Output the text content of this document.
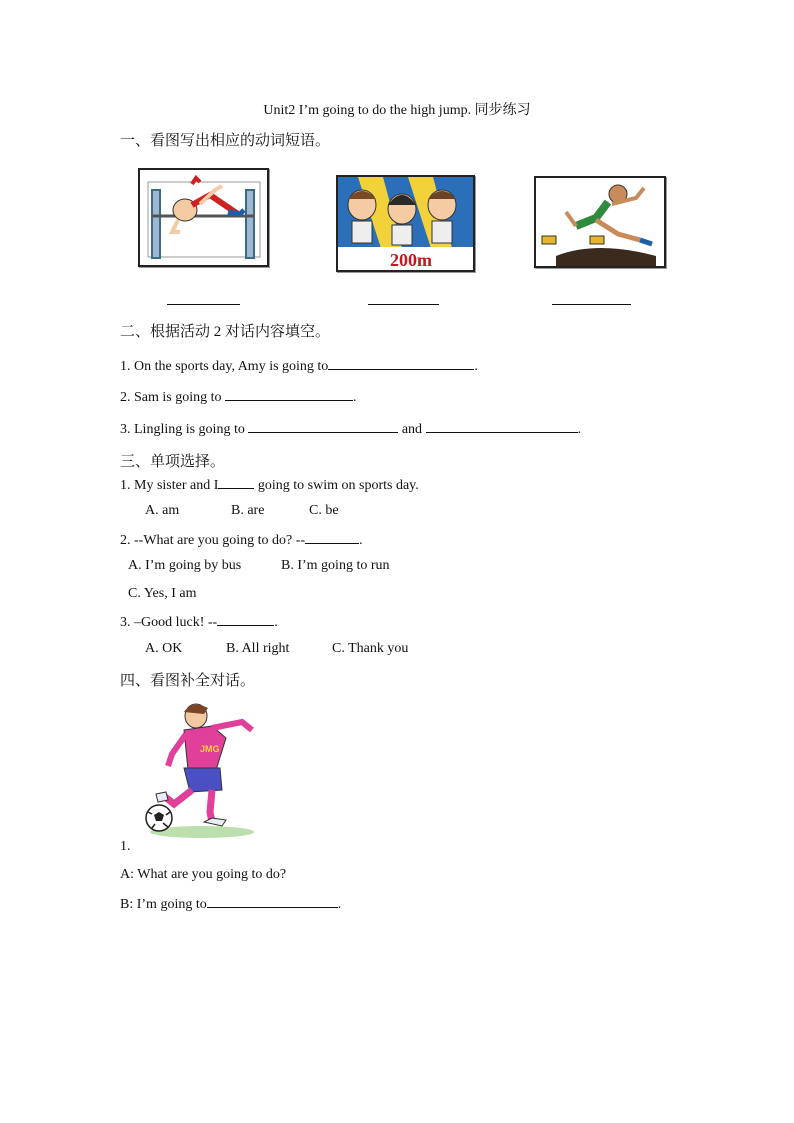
Unit2 I’m going to do the high jump. 同步练习
一、看图写出相应的动词短语。
200m
二、根据活动 2 对话内容填空。
1. On the sports day, Amy is going to	.
2. Sam is going to	.
3. Lingling is going to	and	.
三、单项选择。
1. My sister and I	going to swim on sports day.
A. am	B. are	C. be
2. --What are you going to do? --	.
A. I’m going by bus	B. I’m going to run
C. Yes, I am
3. –Good luck! --	.
A. OK	B. All right	C. Thank you
四、看图补全对话。
JMG
1.
A: What are you going to do?
B: I’m going to	.
